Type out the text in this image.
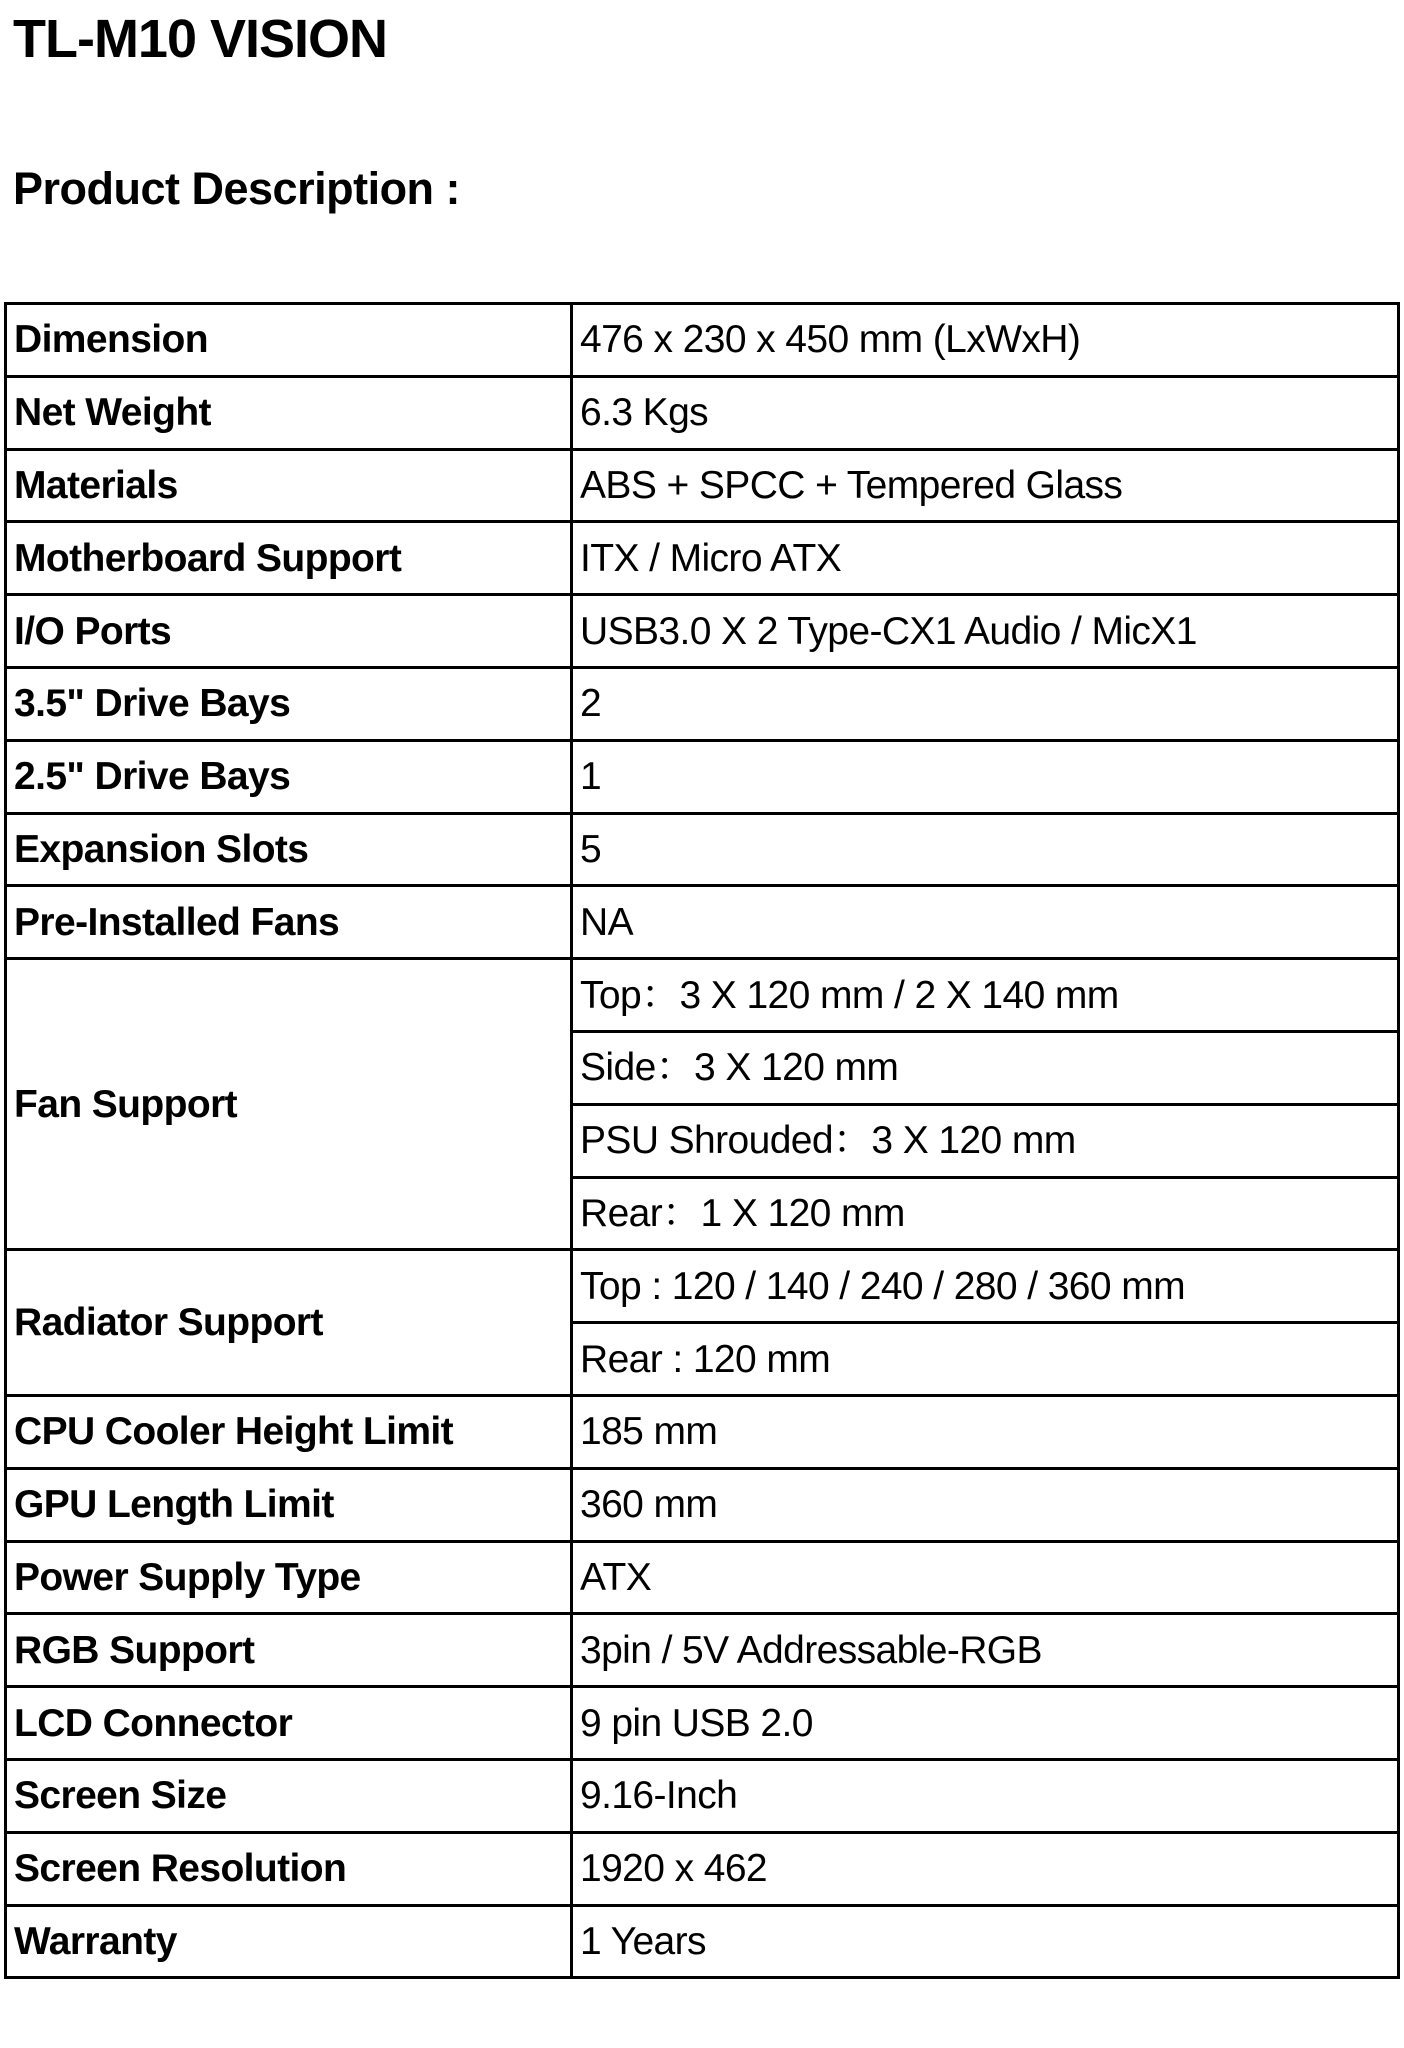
TL-M10 VISION
Product Description :
Dimension	476 x 230 x 450 mm (LxWxH)
Net Weight	6.3 Kgs
Materials	ABS + SPCC + Tempered Glass
Motherboard Support	ITX / Micro ATX
I/O Ports	USB3.0 X 2 Type-CX1 Audio / MicX1
3.5" Drive Bays	2
2.5" Drive Bays	1
Expansion Slots	5
Pre-Installed Fans	NA
Fan Support	Top：3 X 120 mm / 2 X 140 mm
	Side：3 X 120 mm
	PSU Shrouded：3 X 120 mm
	Rear：1 X 120 mm
Radiator Support	Top : 120 / 140 / 240 / 280 / 360 mm
	Rear : 120 mm
CPU Cooler Height Limit	185 mm
GPU Length Limit	360 mm
Power Supply Type	ATX
RGB Support	3pin / 5V Addressable-RGB
LCD Connector	9 pin USB 2.0
Screen Size	9.16-Inch
Screen Resolution	1920 x 462
Warranty	1 Years
